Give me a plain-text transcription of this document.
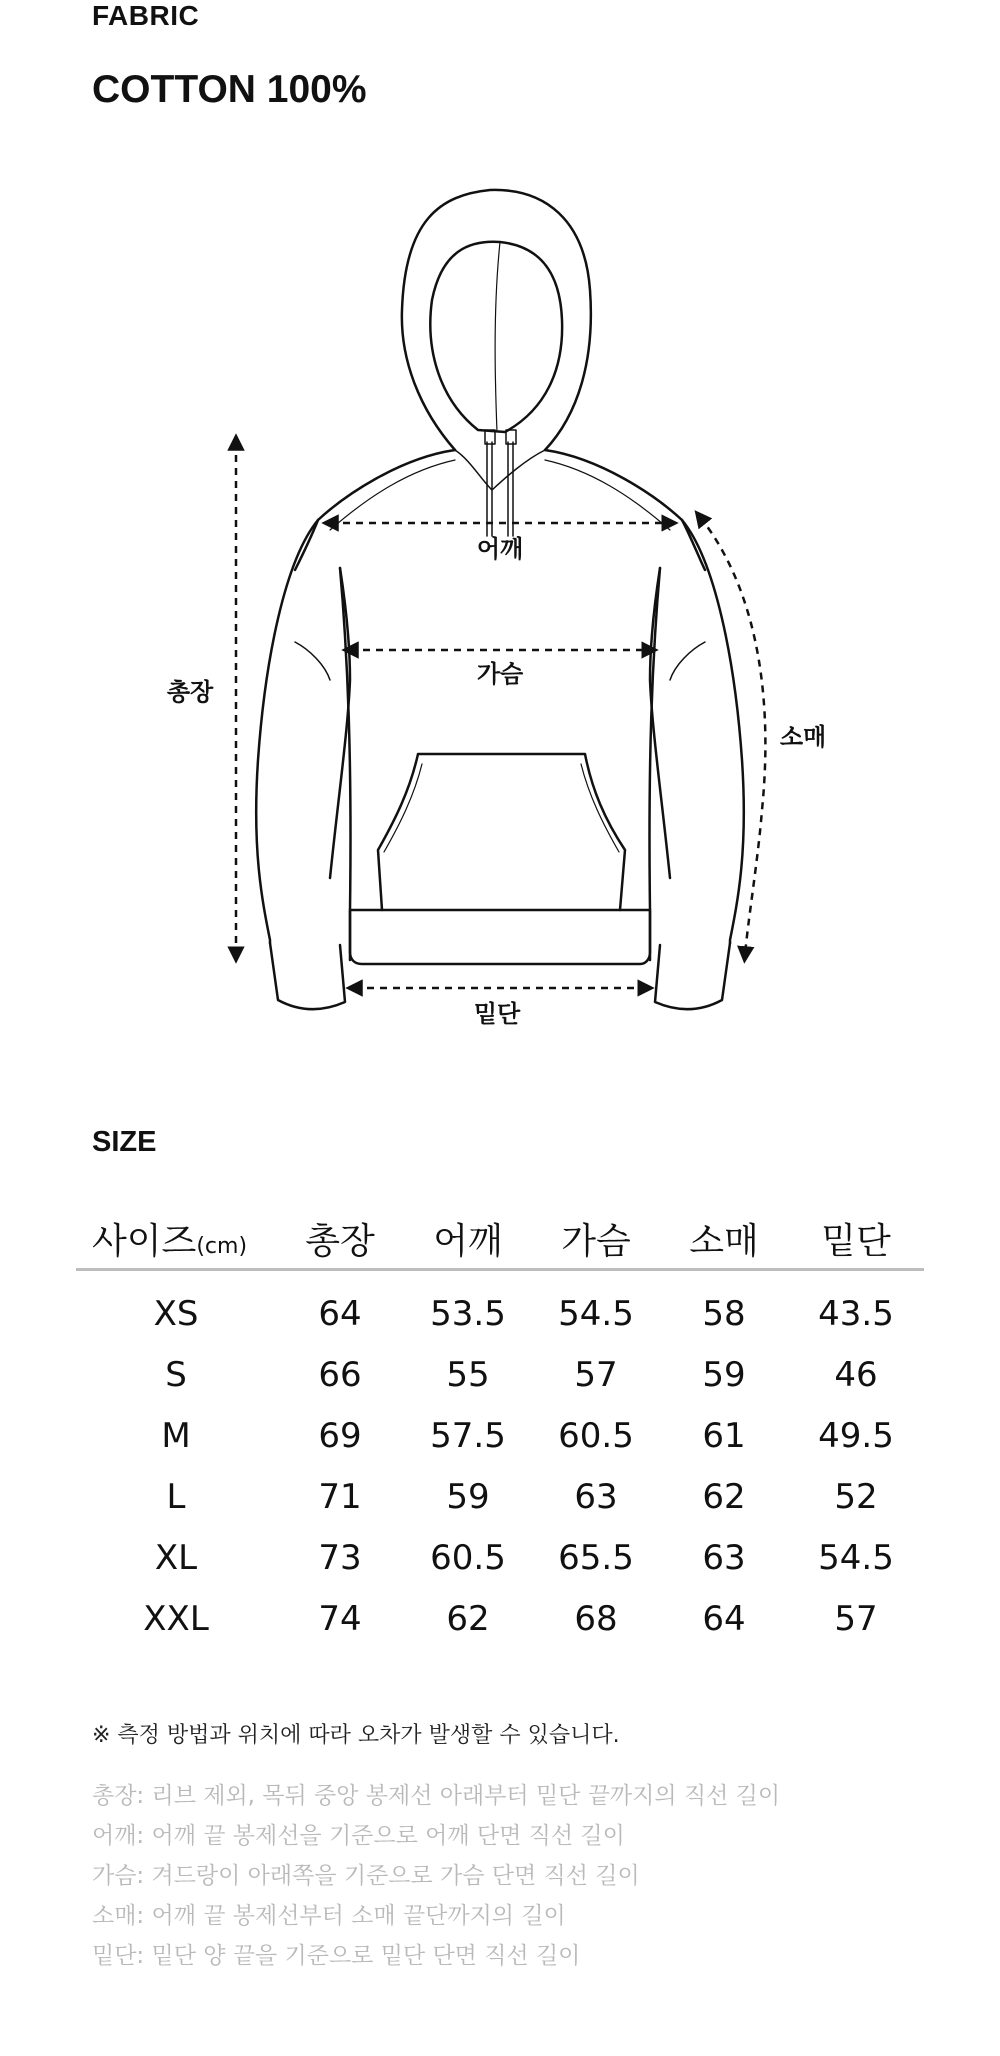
FABRIC
COTTON 100%
어깨
가슴
총장
소매
밑단
SIZE
사이즈(cm)	총장	어깨	가슴	소매	밑단
XS	64	53.5	54.5	58	43.5
S	66	55	57	59	46
M	69	57.5	60.5	61	49.5
L	71	59	63	62	52
XL	73	60.5	65.5	63	54.5
XXL	74	62	68	64	57
※ 측정 방법과 위치에 따라 오차가 발생할 수 있습니다.
총장: 리브 제외, 목뒤 중앙 봉제선 아래부터 밑단 끝까지의 직선 길이
어깨: 어깨 끝 봉제선을 기준으로 어깨 단면 직선 길이
가슴: 겨드랑이 아래쪽을 기준으로 가슴 단면 직선 길이
소매: 어깨 끝 봉제선부터 소매 끝단까지의 길이
밑단: 밑단 양 끝을 기준으로 밑단 단면 직선 길이
